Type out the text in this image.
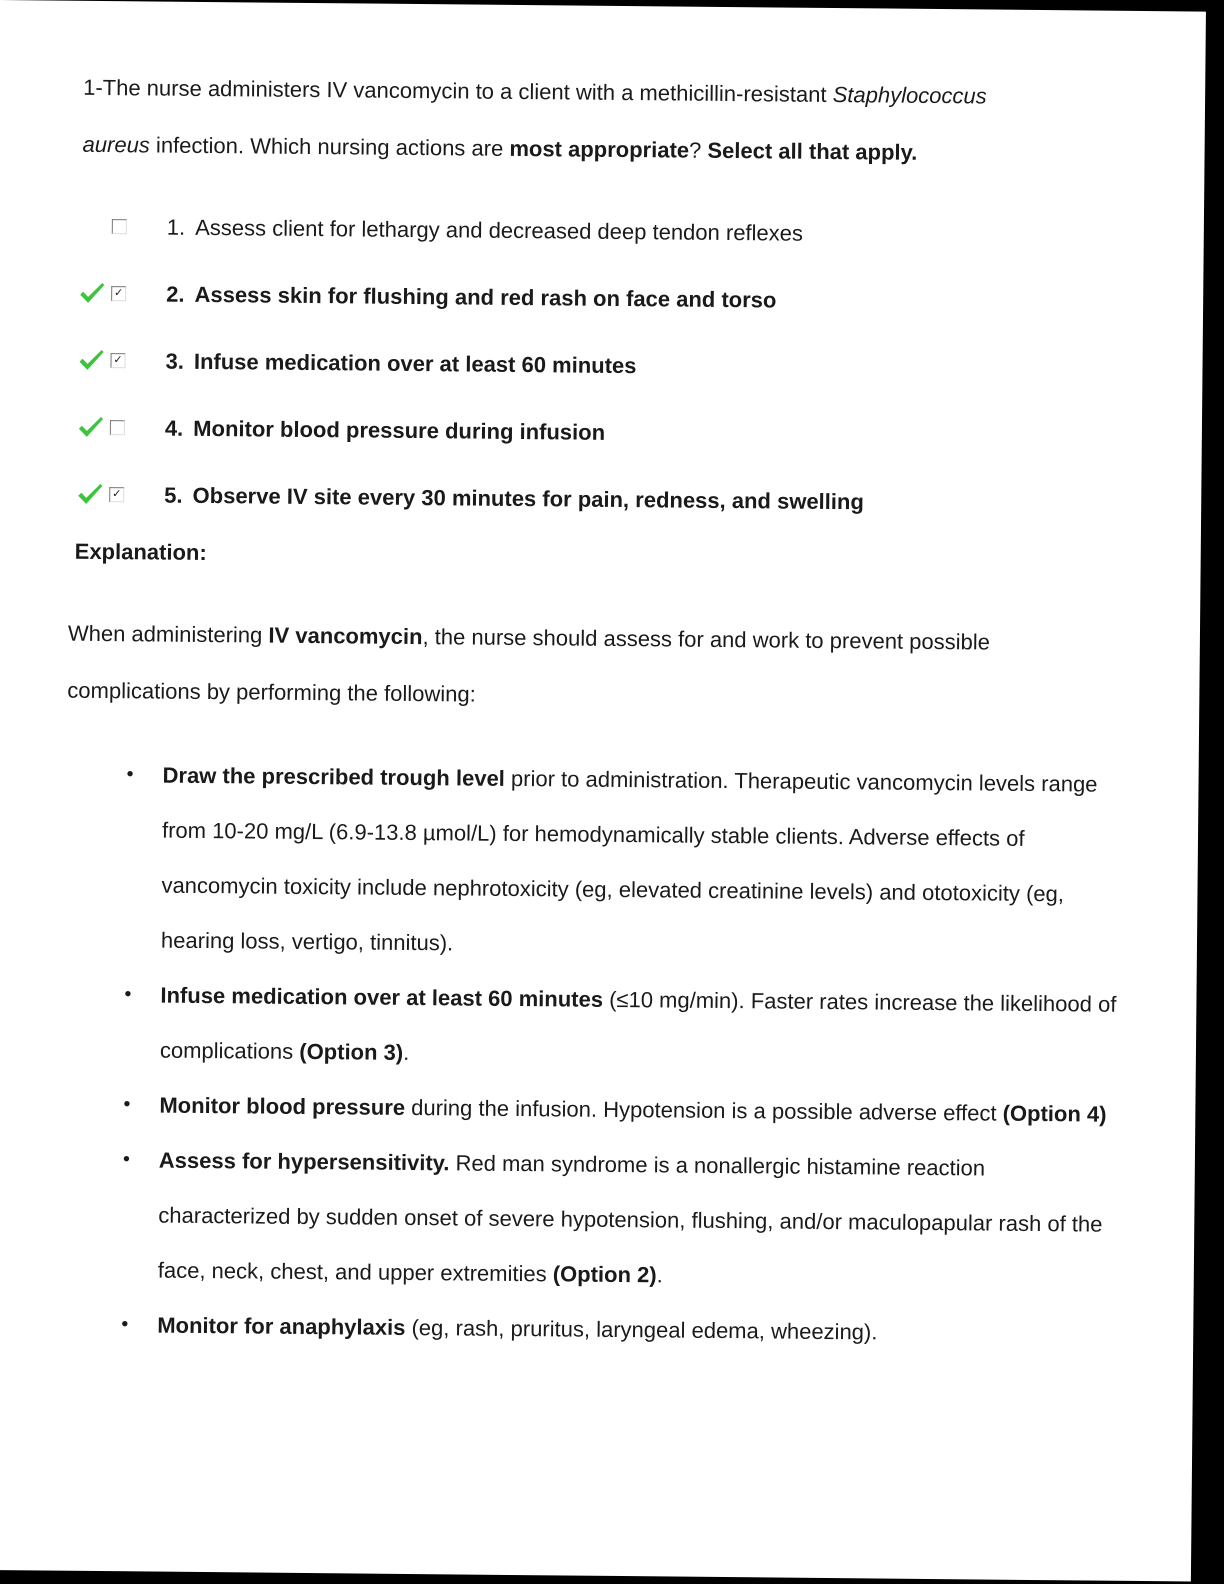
1-The nurse administers IV vancomycin to a client with a methicillin-resistant Staphylococcus
aureus infection. Which nursing actions are most appropriate? Select all that apply.

1. Assess client for lethargy and decreased deep tendon reflexes
✓ 2. Assess skin for flushing and red rash on face and torso
✓ 3. Infuse medication over at least 60 minutes
4. Monitor blood pressure during infusion
✓ 5. Observe IV site every 30 minutes for pain, redness, and swelling
Explanation:

When administering IV vancomycin, the nurse should assess for and work to prevent possible complications by performing the following:

• Draw the prescribed trough level prior to administration. Therapeutic vancomycin levels range from 10-20 mg/L (6.9-13.8 µmol/L) for hemodynamically stable clients. Adverse effects of vancomycin toxicity include nephrotoxicity (eg, elevated creatinine levels) and ototoxicity (eg, hearing loss, vertigo, tinnitus).
• Infuse medication over at least 60 minutes (≤10 mg/min). Faster rates increase the likelihood of complications (Option 3).
• Monitor blood pressure during the infusion. Hypotension is a possible adverse effect (Option 4)
• Assess for hypersensitivity. Red man syndrome is a nonallergic histamine reaction characterized by sudden onset of severe hypotension, flushing, and/or maculopapular rash of the face, neck, chest, and upper extremities (Option 2).
• Monitor for anaphylaxis (eg, rash, pruritus, laryngeal edema, wheezing).
